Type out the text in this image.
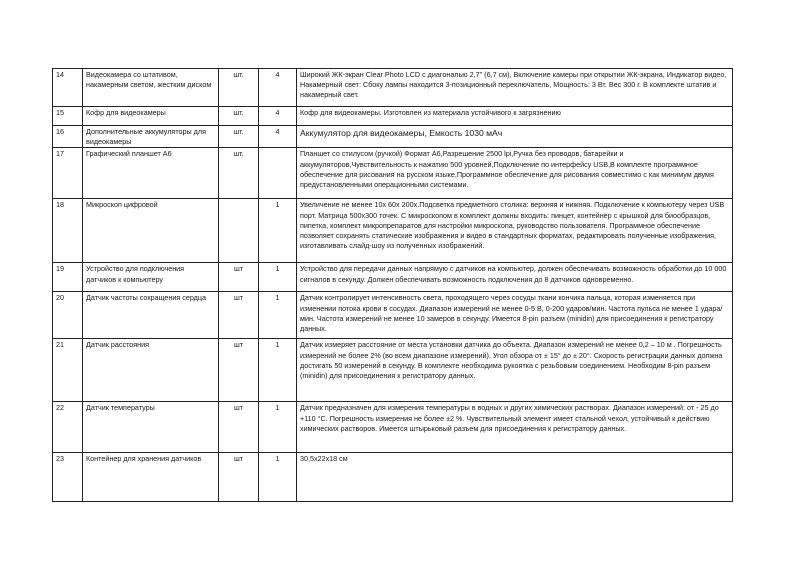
14	Видеокамера со штативом, накамерным светом, жестким диском	шт.	4	Широкий ЖК-экран Clear Photo LCD с диагональю 2,7" (6,7 см), Включение камеры при открытии ЖК-экрана, Индикатор видео, Накамерный свет: Сбоку лампы находится 3-позиционный переключатель, Мощность: 3 Вт. Вес 300 г. В комплекте штатив и накамерный свет.
15	Кофр для видеокамеры	шт.	4	Кофр для видеокамеры. Изготовлен из материала устойчивого к загрязнению
16	Дополнительные аккумуляторы для видеокамеры	шт.	4	Аккумулятор для видеокамеры, Емкость 1030 мАч

17	Графический планшет А6	шт.		Планшет со стилусом (ручкой) Формат А6,Разрешение 2500 lpi,Ручка без проводов, батарейки и аккумуляторов,Чувствительность к нажатию 500 уровней,Подключение по интерфейсу USB,В комплекте программное обеспечение для рисования на русском языке,Программное обеспечение для рисования совместимо с как минимум двумя предустановленными операционными системами.
18	Микроскоп цифровой		1	Увеличение не менее 10х 60х 200х.Подсветка предметного столика: верхняя и нижняя. Подключение к компьютеру через USB порт. Матрица 500х300 точек. С микроскопом в комплект должны входить: пинцет, контейнер с крышкой для биообразцов, пипетка, комплект микропрепаратов для настройки микроскопа, руководство пользователя. Программное обеспечение позволяет сохранять статические изображения и видео в стандартных форматах, редактировать полученные изображения, изготавливать слайд-шоу из полученных изображений.

19	Устройство для подключения датчиков к компьютеру	шт	1	Устройство для передачи данных напрямую с датчиков на компьютер, должен обеспечивать возможность обработки до 10 000 сигналов в секунду. Должен обеспечивать возможность подключения до 8 датчиков одновременно.

20	Датчик частоты сокращения сердца	шт	1	Датчик контролирует интенсивность света, проходящего через сосуды ткани кончика пальца, которая изменяется при изменении потока крови в сосудах. Диапазон измерений не менее 0-5 В, 0-200 ударов/мин. Частота пульса не менее 1 удара/мин. Частота измерений не менее 10 замеров в секунду. Имеется 8-pin разъем (minidin) для присоединения к регистратору данных.
21	Датчик расстояния	шт	1	Датчик измеряет расстояние от места установки датчика до объекта. Диапазон измерений не менее 0,2 – 10 м . Погрешность измерений не более 2% (во всем диапазоне измерений). Угол обзора от ± 15° до ± 20°. Скорость регистрации данных должна достигать 50 измерений в секунду. В комплекте необходима рукоятка с резьбовым соединением. Необходим 8-pin разъем (minidin) для присоединения к регистратору данных.
22	Датчик температуры	шт	1	Датчик предназначен для измерения температуры в водных и других химических растворах. Диапазон измерений: от - 25 до +110 °С. Погрешность измерения не более ±2 %. Чувствительный элемент имеет стальной чехол, устойчивый к действию химических растворов. Имеется штырьковый разъем для присоединения к регистратору данных.
23	Контейнер для хранения датчиков	шт	1	30,5х22х18 см
